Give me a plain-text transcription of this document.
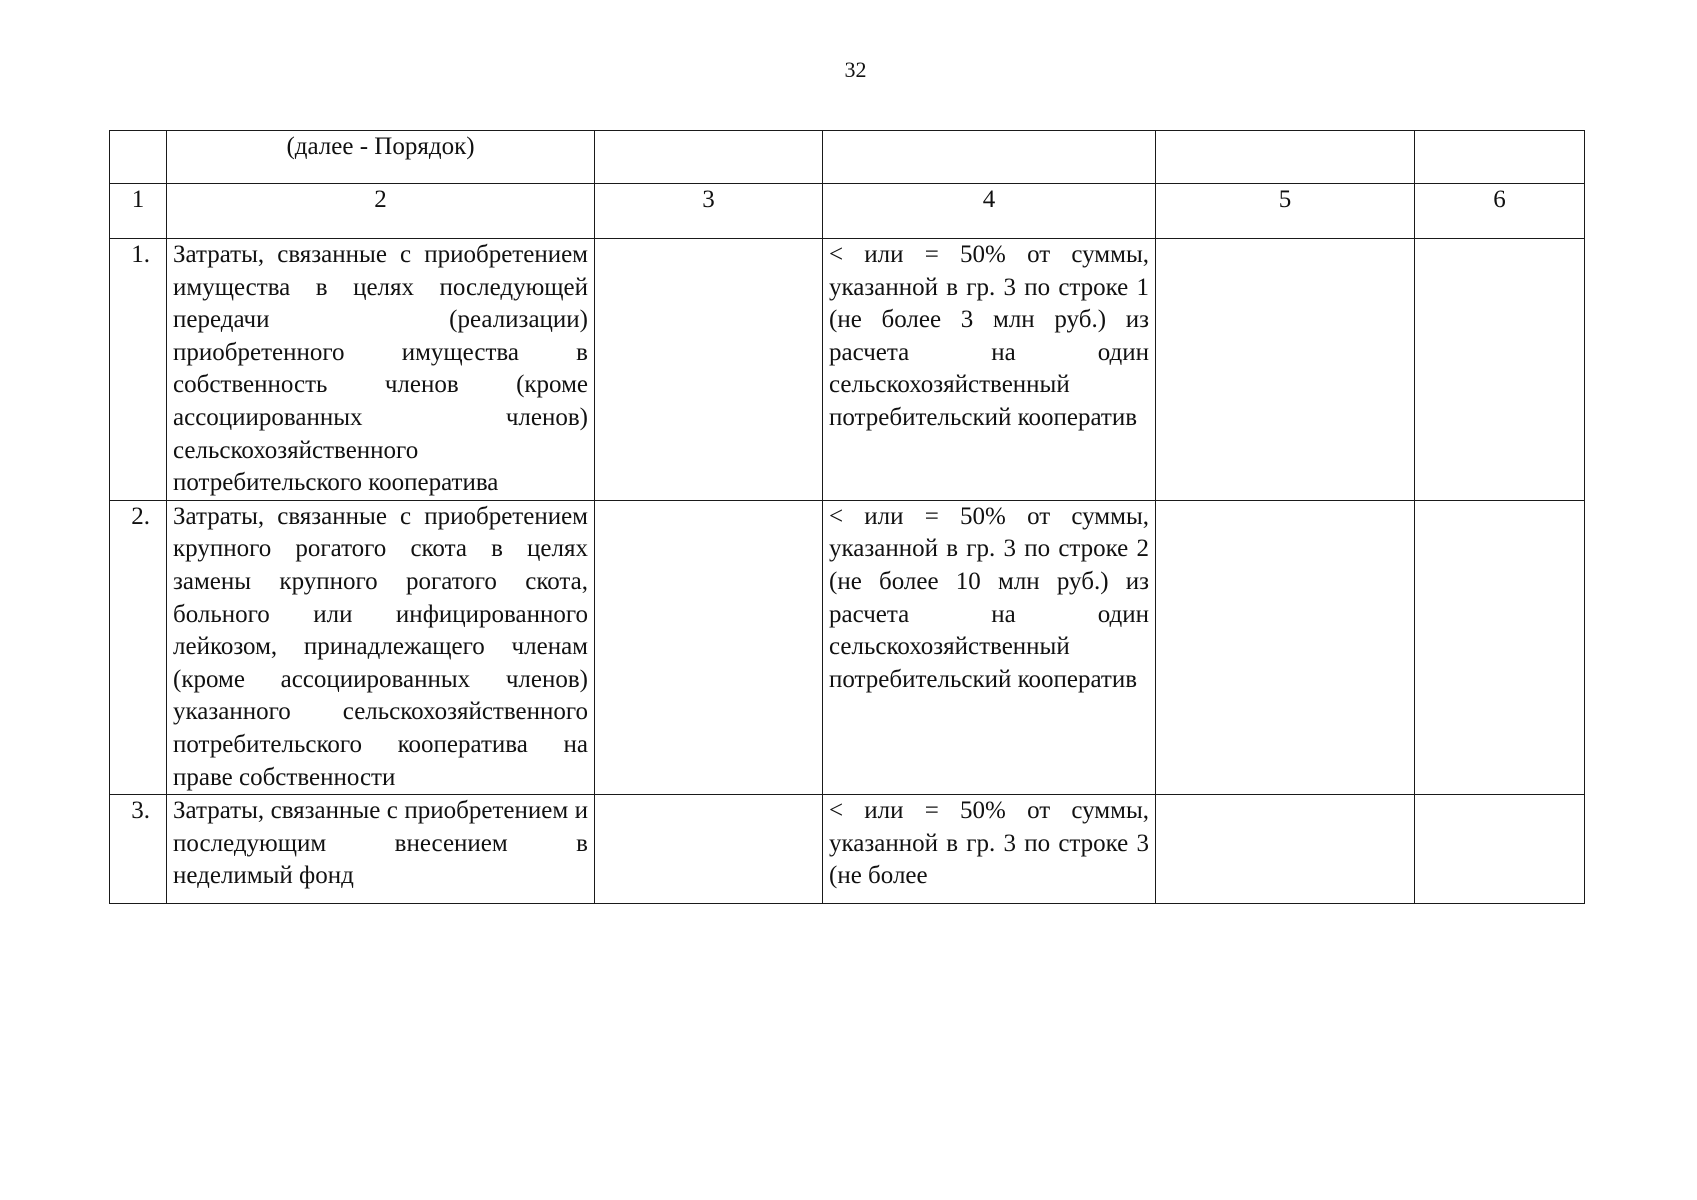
32

	(далее - Порядок)				

1	2	3	4	5	6
1.	Затраты, связанные с приобретением имущества в целях последующей передачи (реализации) приобретенного имущества в собственность членов (кроме ассоциированных членов) сельскохозяйственного потребительского кооператива		< или = 50% от суммы, указанной в гр. 3 по строке 1 (не более 3 млн руб.) из расчета на один сельскохозяйственный потребительский кооператив		
2.	Затраты, связанные с приобретением крупного рогатого скота в целях замены крупного рогатого скота, больного или инфицированного лейкозом, принадлежащего членам (кроме ассоциированных членов) указанного сельскохозяйственного потребительского кооператива на праве собственности		< или = 50% от суммы, указанной в гр. 3 по строке 2 (не более 10 млн руб.) из расчета на один сельскохозяйственный потребительский кооператив		
3.	Затраты, связанные с приобретением и последующим внесением в неделимый фонд		< или = 50% от суммы, указанной в гр. 3 по строке 3 (не более		
